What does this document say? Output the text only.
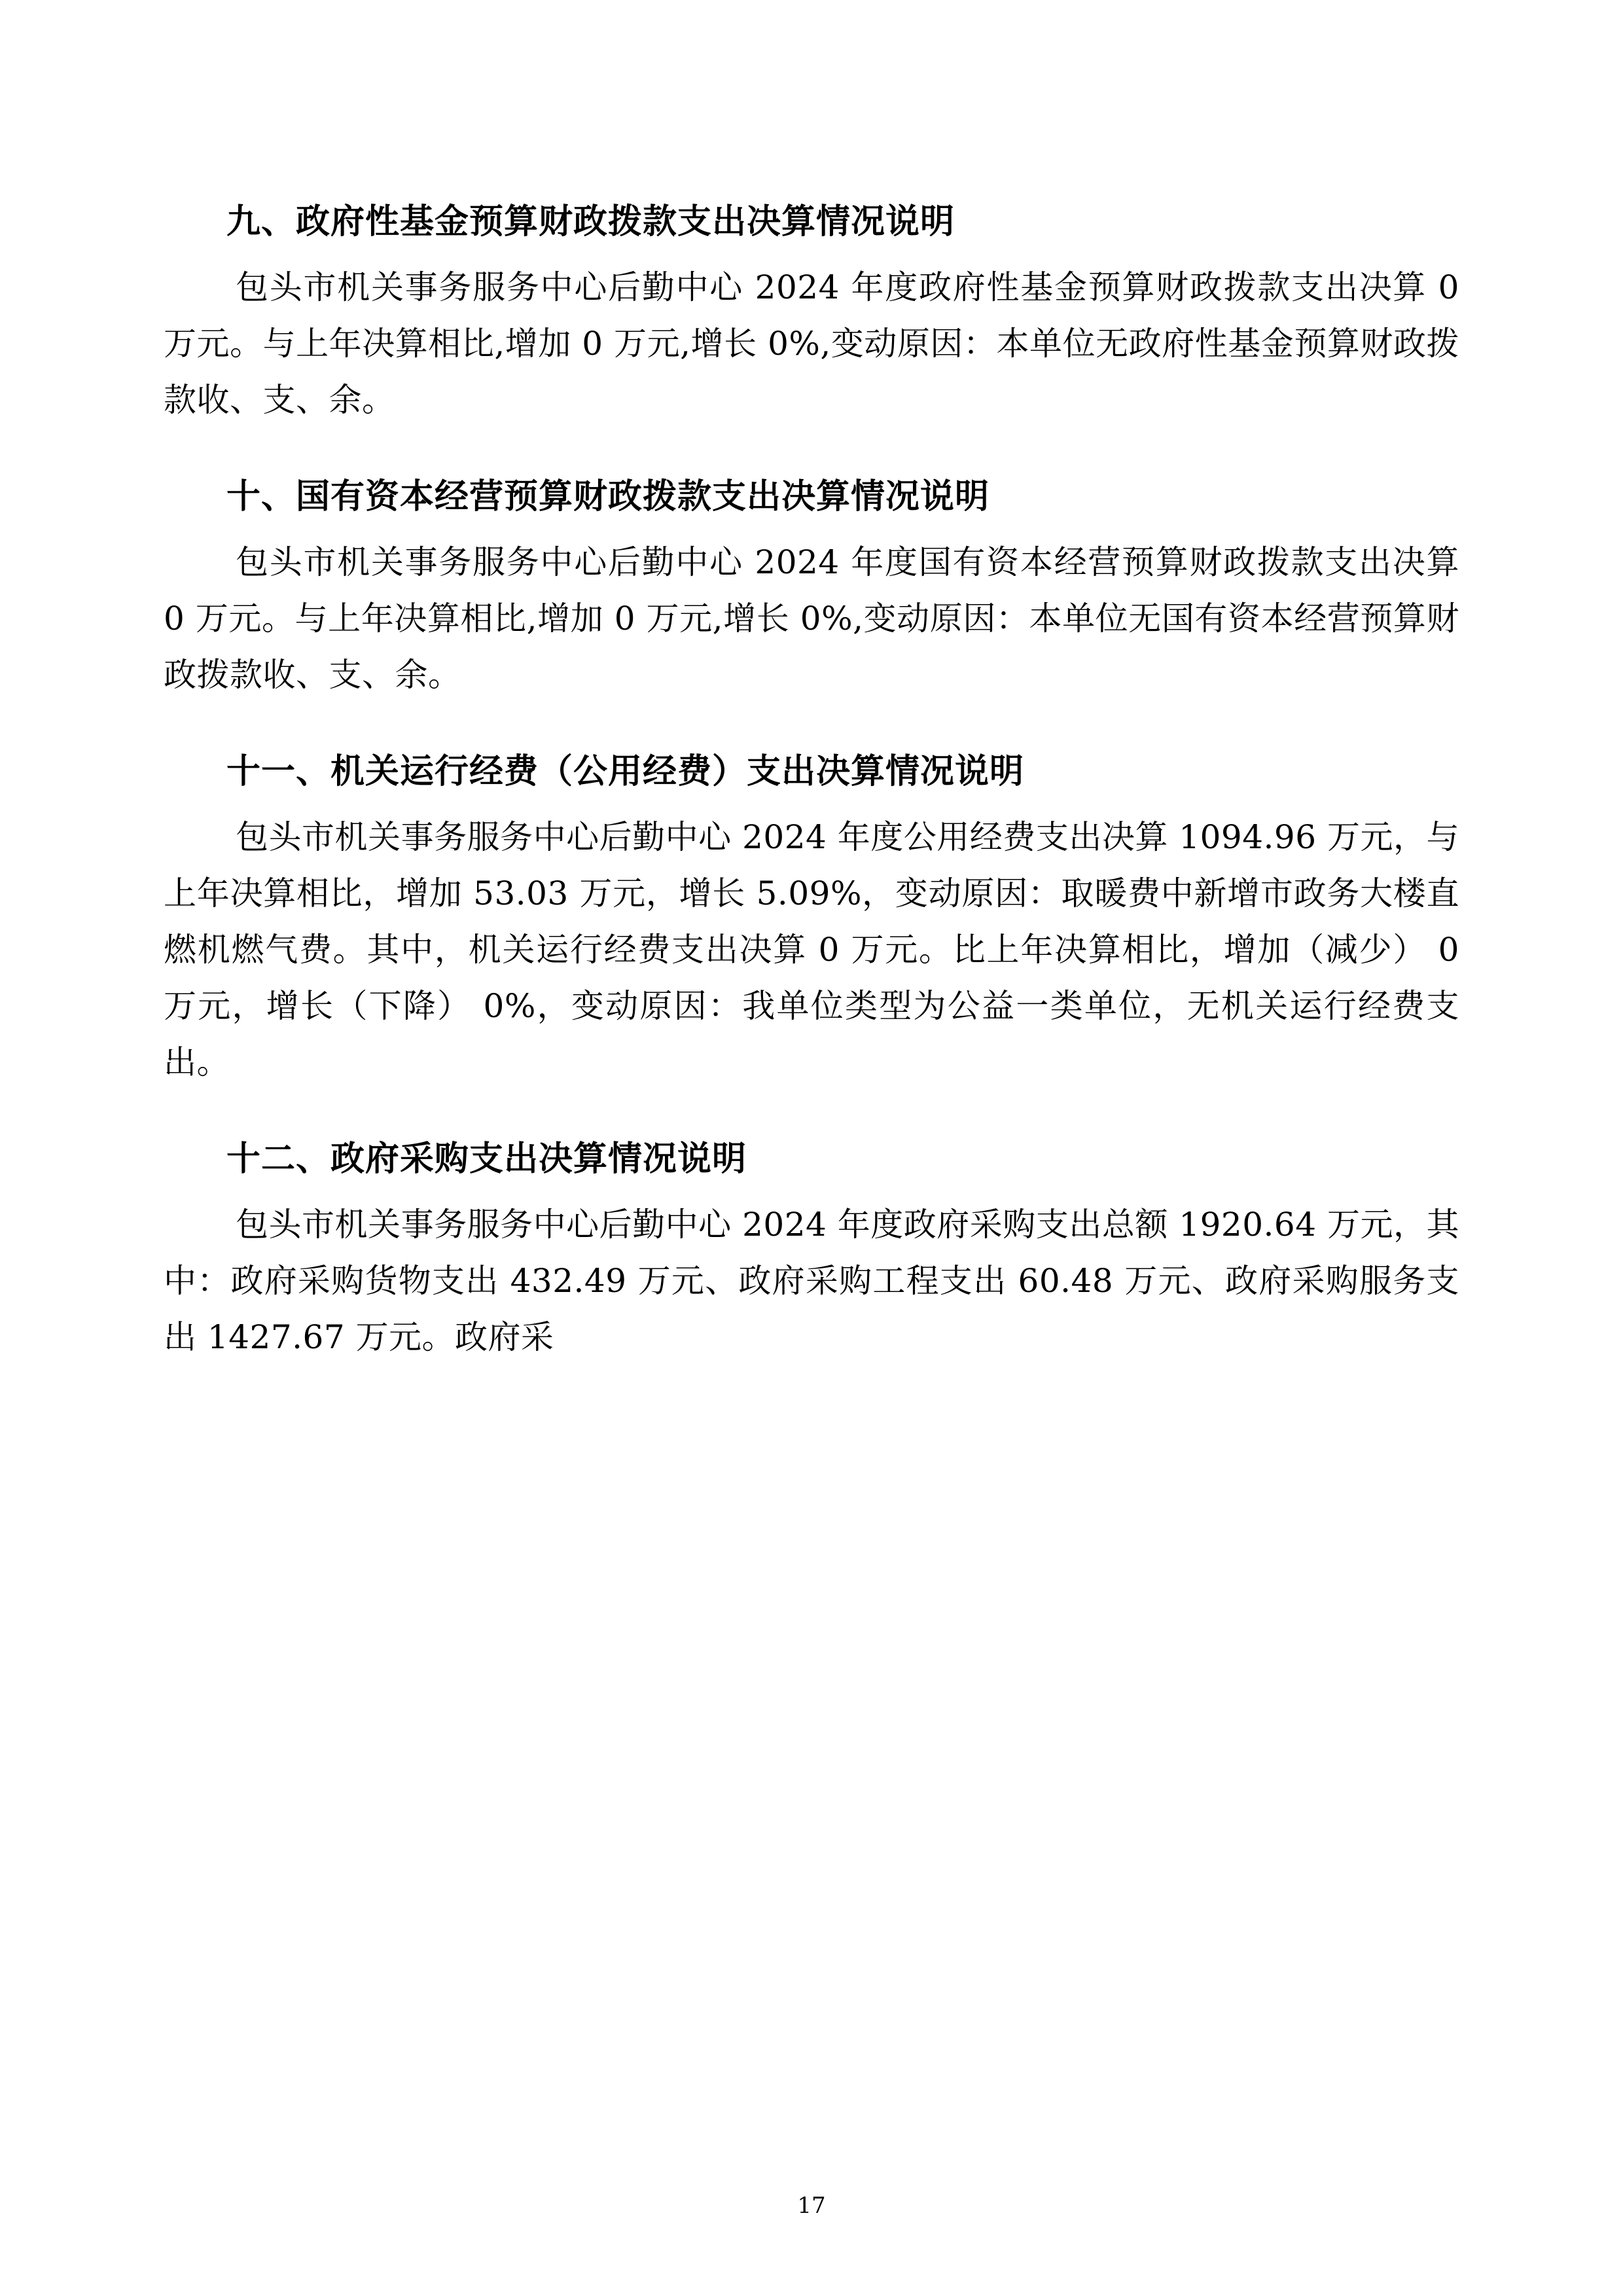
九、政府性基金预算财政拨款支出决算情况说明

包头市机关事务服务中心后勤中心 2024 年度政府性基金预算财政拨款支出决算 0 万元。与上年决算相比,增加 0 万元,增长 0%,变动原因：本单位无政府性基金预算财政拨款收、支、余。

十、国有资本经营预算财政拨款支出决算情况说明

包头市机关事务服务中心后勤中心 2024 年度国有资本经营预算财政拨款支出决算 0 万元。与上年决算相比,增加 0 万元,增长 0%,变动原因：本单位无国有资本经营预算财政拨款收、支、余。

十一、机关运行经费（公用经费）支出决算情况说明

包头市机关事务服务中心后勤中心 2024 年度公用经费支出决算 1094.96 万元，与上年决算相比，增加 53.03 万元，增长 5.09%，变动原因：取暖费中新增市政务大楼直燃机燃气费。其中，机关运行经费支出决算 0 万元。比上年决算相比，增加（减少） 0 万元，增长（下降） 0%，变动原因：我单位类型为公益一类单位，无机关运行经费支出。

十二、政府采购支出决算情况说明

包头市机关事务服务中心后勤中心 2024 年度政府采购支出总额 1920.64 万元，其中：政府采购货物支出 432.49 万元、政府采购工程支出 60.48 万元、政府采购服务支出 1427.67 万元。政府采

17
